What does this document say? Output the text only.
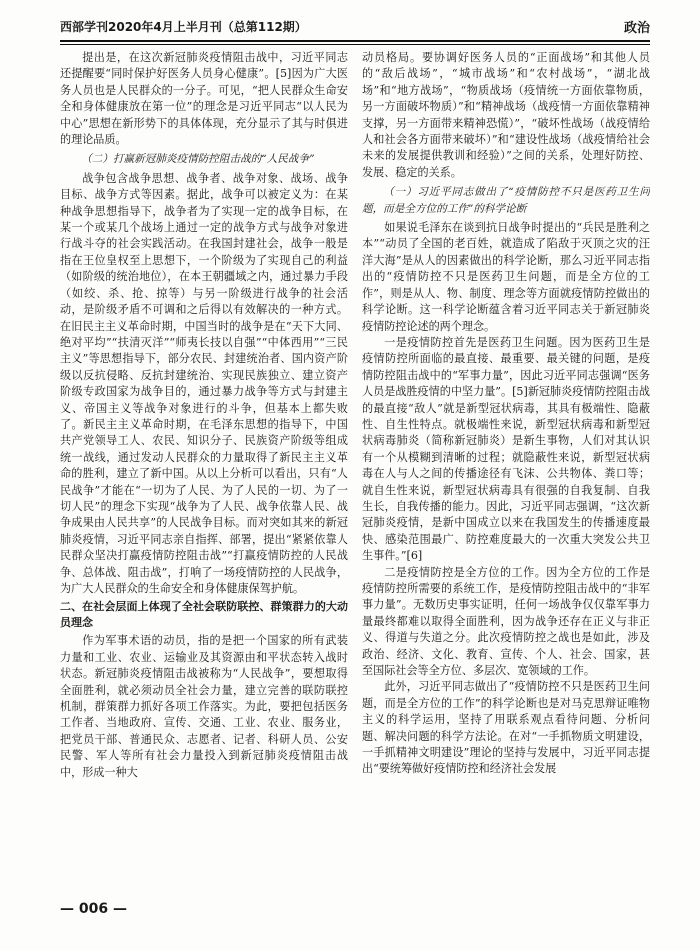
西部学刊2020年4月上半月刊（总第112期）	政治

提出是，在这次新冠肺炎疫情阻击战中，习近平同志还提醒要“同时保护好医务人员身心健康”。[5]因为广大医务人员也是人民群众的一分子。可见，“把人民群众生命安全和身体健康放在第一位”的理念是习近平同志“以人民为中心”思想在新形势下的具体体现，充分显示了其与时俱进的理论品质。

（二）打赢新冠肺炎疫情防控阻击战的“人民战争”

战争包含战争思想、战争者、战争对象、战场、战争目标、战争方式等因素。据此，战争可以被定义为：在某种战争思想指导下，战争者为了实现一定的战争目标，在某一个或某几个战场上通过一定的战争方式与战争对象进行战斗夺的社会实践活动。在我国封建社会，战争一般是指在王位皇权至上思想下，一个阶级为了实现自己的利益（如阶级的统治地位），在本王朝疆域之内，通过暴力手段（如绞、杀、抢、掠等）与另一阶级进行战争的社会活动，是阶级矛盾不可调和之后得以有效解决的一种方式。在旧民主主义革命时期，中国当时的战争是在“天下大同、绝对平均”“扶清灭洋”“师夷长技以自强”“中体西用”“三民主义”等思想指导下，部分农民、封建统治者、国内资产阶级以反抗侵略、反抗封建统治、实现民族独立、建立资产阶级专政国家为战争目的，通过暴力战争等方式与封建主义、帝国主义等战争对象进行的斗争，但基本上都失败了。新民主主义革命时期，在毛泽东思想的指导下，中国共产党领导工人、农民、知识分子、民族资产阶级等组成统一战线，通过发动人民群众的力量取得了新民主主义革命的胜利，建立了新中国。从以上分析可以看出，只有“人民战争”才能在“一切为了人民、为了人民的一切、为了一切人民”的理念下实现“战争为了人民、战争依靠人民、战争成果由人民共享”的人民战争目标。而对突如其来的新冠肺炎疫情，习近平同志亲自指挥、部署，提出“紧紧依靠人民群众坚决打赢疫情防控阻击战”“打赢疫情防控的人民战争、总体战、阻击战”，打响了一场疫情防控的人民战争，为广大人民群众的生命安全和身体健康保驾护航。

二、在社会层面上体现了全社会联防联控、群策群力的大动员理念

作为军事术语的动员，指的是把一个国家的所有武装力量和工业、农业、运输业及其资源由和平状态转入战时状态。新冠肺炎疫情阻击战被称为“人民战争”，要想取得全面胜利，就必须动员全社会力量，建立完善的联防联控机制，群策群力抓好各项工作落实。为此，要把包括医务工作者、当地政府、宣传、交通、工业、农业、服务业，把党员干部、普通民众、志愿者、记者、科研人员、公安民警、军人等所有社会力量投入到新冠肺炎疫情阻击战中，形成一种大

动员格局。要协调好医务人员的“正面战场”和其他人员的“敌后战场”，“城市战场”和“农村战场”，“湖北战场”和“地方战场”，“物质战场（疫情统一方面依靠物质，另一方面破坏物质）”和“精神战场（战疫情一方面依靠精神支撑，另一方面带来精神恐慌）”，“破坏性战场（战疫情给人和社会各方面带来破坏）”和“建设性战场（战疫情给社会未来的发展提供教训和经验）”之间的关系，处理好防控、发展、稳定的关系。

（一）习近平同志做出了“疫情防控不只是医药卫生问题，而是全方位的工作”的科学论断

如果说毛泽东在谈到抗日战争时提出的“兵民是胜利之本”“动员了全国的老百姓，就造成了陷敌于灭顶之灾的汪洋大海”是从人的因素做出的科学论断，那么习近平同志指出的“疫情防控不只是医药卫生问题，而是全方位的工作”，则是从人、物、制度、理念等方面就疫情防控做出的科学论断。这一科学论断蕴含着习近平同志关于新冠肺炎疫情防控论述的两个理念。

一是疫情防控首先是医药卫生问题。因为医药卫生是疫情防控所面临的最直接、最重要、最关键的问题，是疫情防控阻击战中的“军事力量”，因此习近平同志强调“医务人员是战胜疫情的中坚力量”。[5]新冠肺炎疫情防控阻击战的最直接“敌人”就是新型冠状病毒，其具有极端性、隐蔽性、自生性特点。就极端性来说，新型冠状病毒和新型冠状病毒肺炎（简称新冠肺炎）是新生事物，人们对其认识有一个从模糊到清晰的过程；就隐蔽性来说，新型冠状病毒在人与人之间的传播途径有飞沫、公共物体、粪口等；就自生性来说，新型冠状病毒具有很强的自我复制、自我生长，自我传播的能力。因此，习近平同志强调，“这次新冠肺炎疫情，是新中国成立以来在我国发生的传播速度最快、感染范围最广、防控难度最大的一次重大突发公共卫生事件。”[6]

二是疫情防控是全方位的工作。因为全方位的工作是疫情防控所需要的系统工作，是疫情防控阻击战中的“非军事力量”。无数历史事实证明，任何一场战争仅仅靠军事力量最终都难以取得全面胜利，因为战争还存在正义与非正义、得道与失道之分。此次疫情防控之战也是如此，涉及政治、经济、文化、教育、宣传、个人、社会、国家，甚至国际社会等全方位、多层次、宽领域的工作。

此外，习近平同志做出了“疫情防控不只是医药卫生问题，而是全方位的工作”的科学论断也是对马克思辩证唯物主义的科学运用，坚持了用联系观点看待问题、分析问题、解决问题的科学方法论。在对“一手抓物质文明建设，一手抓精神文明建设”理论的坚持与发展中，习近平同志提出“要统筹做好疫情防控和经济社会发展

— 006 —
